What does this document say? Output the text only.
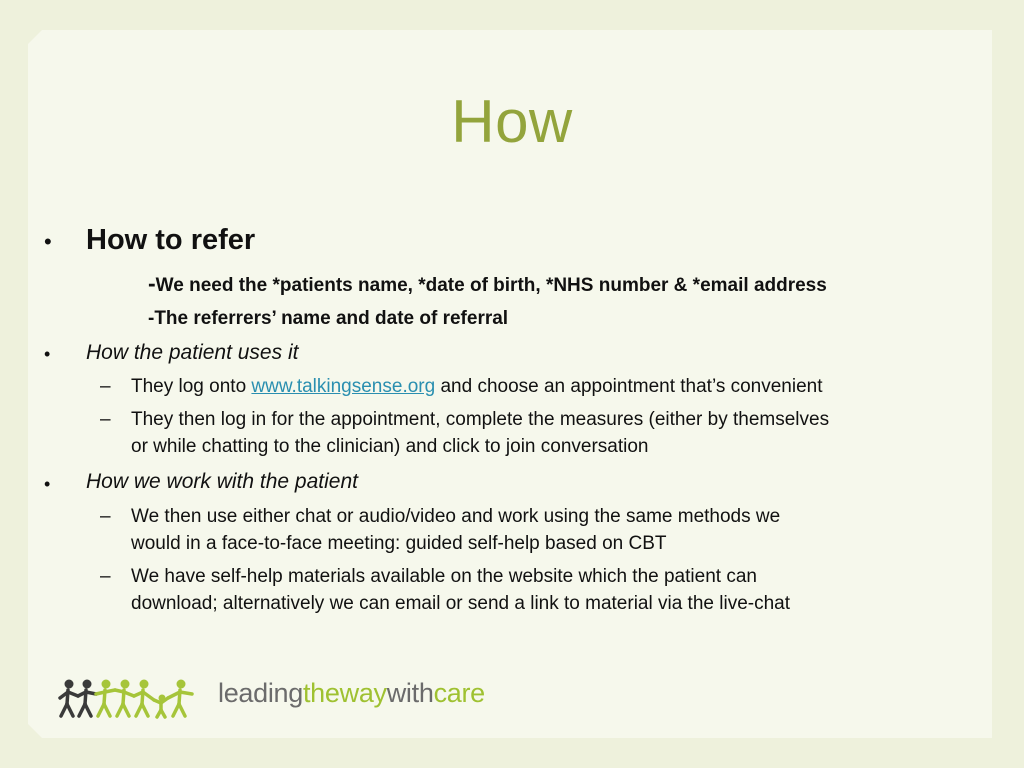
How
• How to refer
-We need the *patients name, *date of birth, *NHS number & *email address
-The referrers’ name and date of referral
• How the patient uses it
– They log onto www.talkingsense.org and choose an appointment that’s convenient
– They then log in for the appointment, complete the measures (either by themselves
or while chatting to the clinician) and click to join conversation
• How we work with the patient
– We then use either chat or audio/video and work using the same methods we
would in a face-to-face meeting: guided self-help based on CBT
– We have self-help materials available on the website which the patient can
download; alternatively we can email or send a link to material via the live-chat
leadingthewaywithcare
